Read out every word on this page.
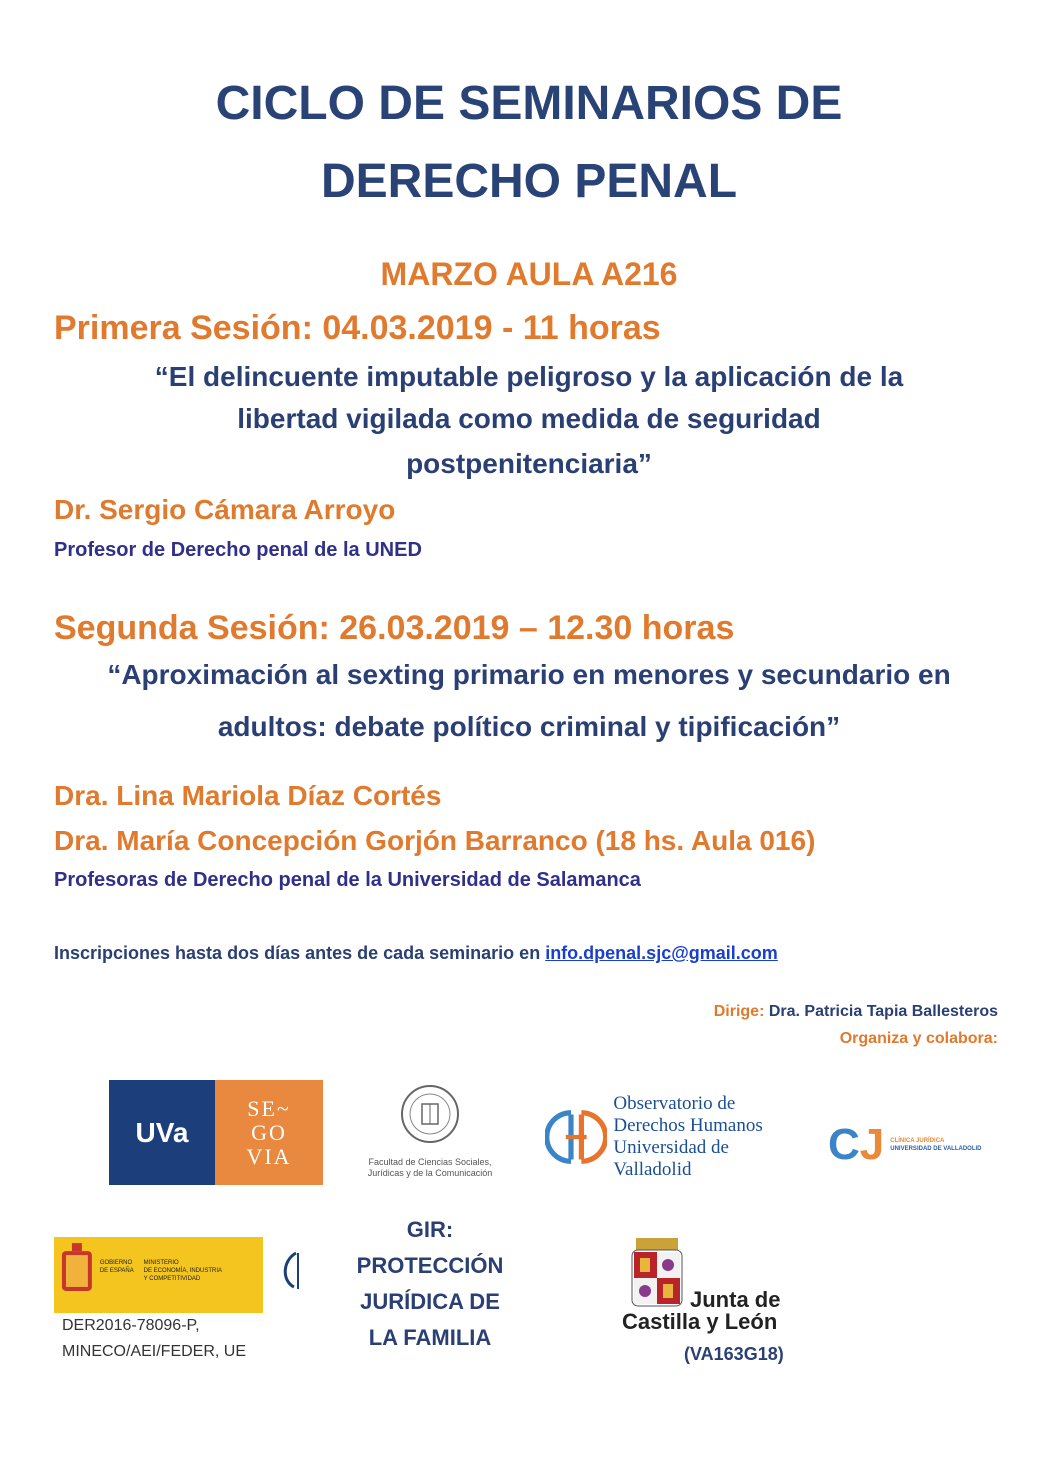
CICLO DE SEMINARIOS DE
DERECHO PENAL
MARZO AULA A216
Primera Sesión: 04.03.2019 - 11 horas
“El delincuente imputable peligroso y la aplicación de la
libertad vigilada como medida de seguridad
postpenitenciaria”
Dr. Sergio Cámara Arroyo
Profesor de Derecho penal de la UNED
Segunda Sesión: 26.03.2019 – 12.30 horas
“Aproximación al sexting primario en menores y secundario en
adultos: debate político criminal y tipificación”
Dra. Lina Mariola Díaz Cortés
Dra. María Concepción Gorjón Barranco (18 hs. Aula 016)
Profesoras de Derecho penal de la Universidad de Salamanca
Inscripciones hasta dos días antes de cada seminario en info.dpenal.sjc@gmail.com
Dirige: Dra. Patricia Tapia Ballesteros
Organiza y colabora:
UVa
SE~
GO
VIA	Facultad de Ciencias Sociales,
Jurídicas y de la Comunicación
Observatorio de
Derechos Humanos
Universidad de Valladolid
CJ CLÍNICA JURÍDICA
UNIVERSIDAD DE VALLADOLID
GOBIERNO
DE ESPAÑA
MINISTERIO
DE ECONOMÍA, INDUSTRIA
Y COMPETITIVIDAD
DER2016-78096-P,
MINECO/AEI/FEDER, UE
GIR:
PROTECCIÓN
JURÍDICA DE
LA FAMILIA
Junta de
Castilla y León
(VA163G18)
